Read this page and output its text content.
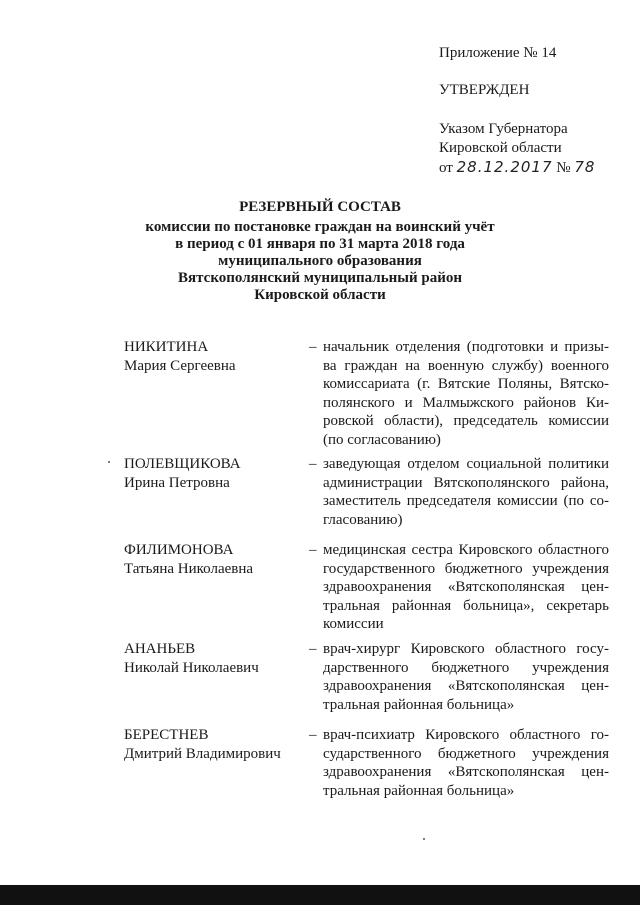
Приложение № 14
УТВЕРЖДЕН
Указом Губернатора
Кировской области
от 28.12.2017 № 78
РЕЗЕРВНЫЙ СОСТАВ
комиссии по постановке граждан на воинский учёт
в период с 01 января по 31 марта 2018 года
муниципального образования
Вятскополянский муниципальный район
Кировской области
НИКИТИНА
Мария Сергеевна
– начальник отделения (подготовки и призы-ва граждан на военную службу) военного комиссариата (г. Вятские Поляны, Вятско-полянского и Малмыжского районов Ки-ровской области), председатель комиссии (по согласованию)
ПОЛЕВЩИКОВА
Ирина Петровна
– заведующая отделом социальной политики администрации Вятскополянского района, заместитель председателя комиссии (по со-гласованию)
ФИЛИМОНОВА
Татьяна Николаевна
– медицинская сестра Кировского областного государственного бюджетного учреждения здравоохранения «Вятскополянская цен-тральная районная больница», секретарь комиссии
АНАНЬЕВ
Николай Николаевич
– врач-хирург Кировского областного госу-дарственного бюджетного учреждения здравоохранения «Вятскополянская цен-тральная районная больница»
БЕРЕСТНЕВ
Дмитрий Владимирович
– врач-психиатр Кировского областного го-сударственного бюджетного учреждения здравоохранения «Вятскополянская цен-тральная районная больница»
